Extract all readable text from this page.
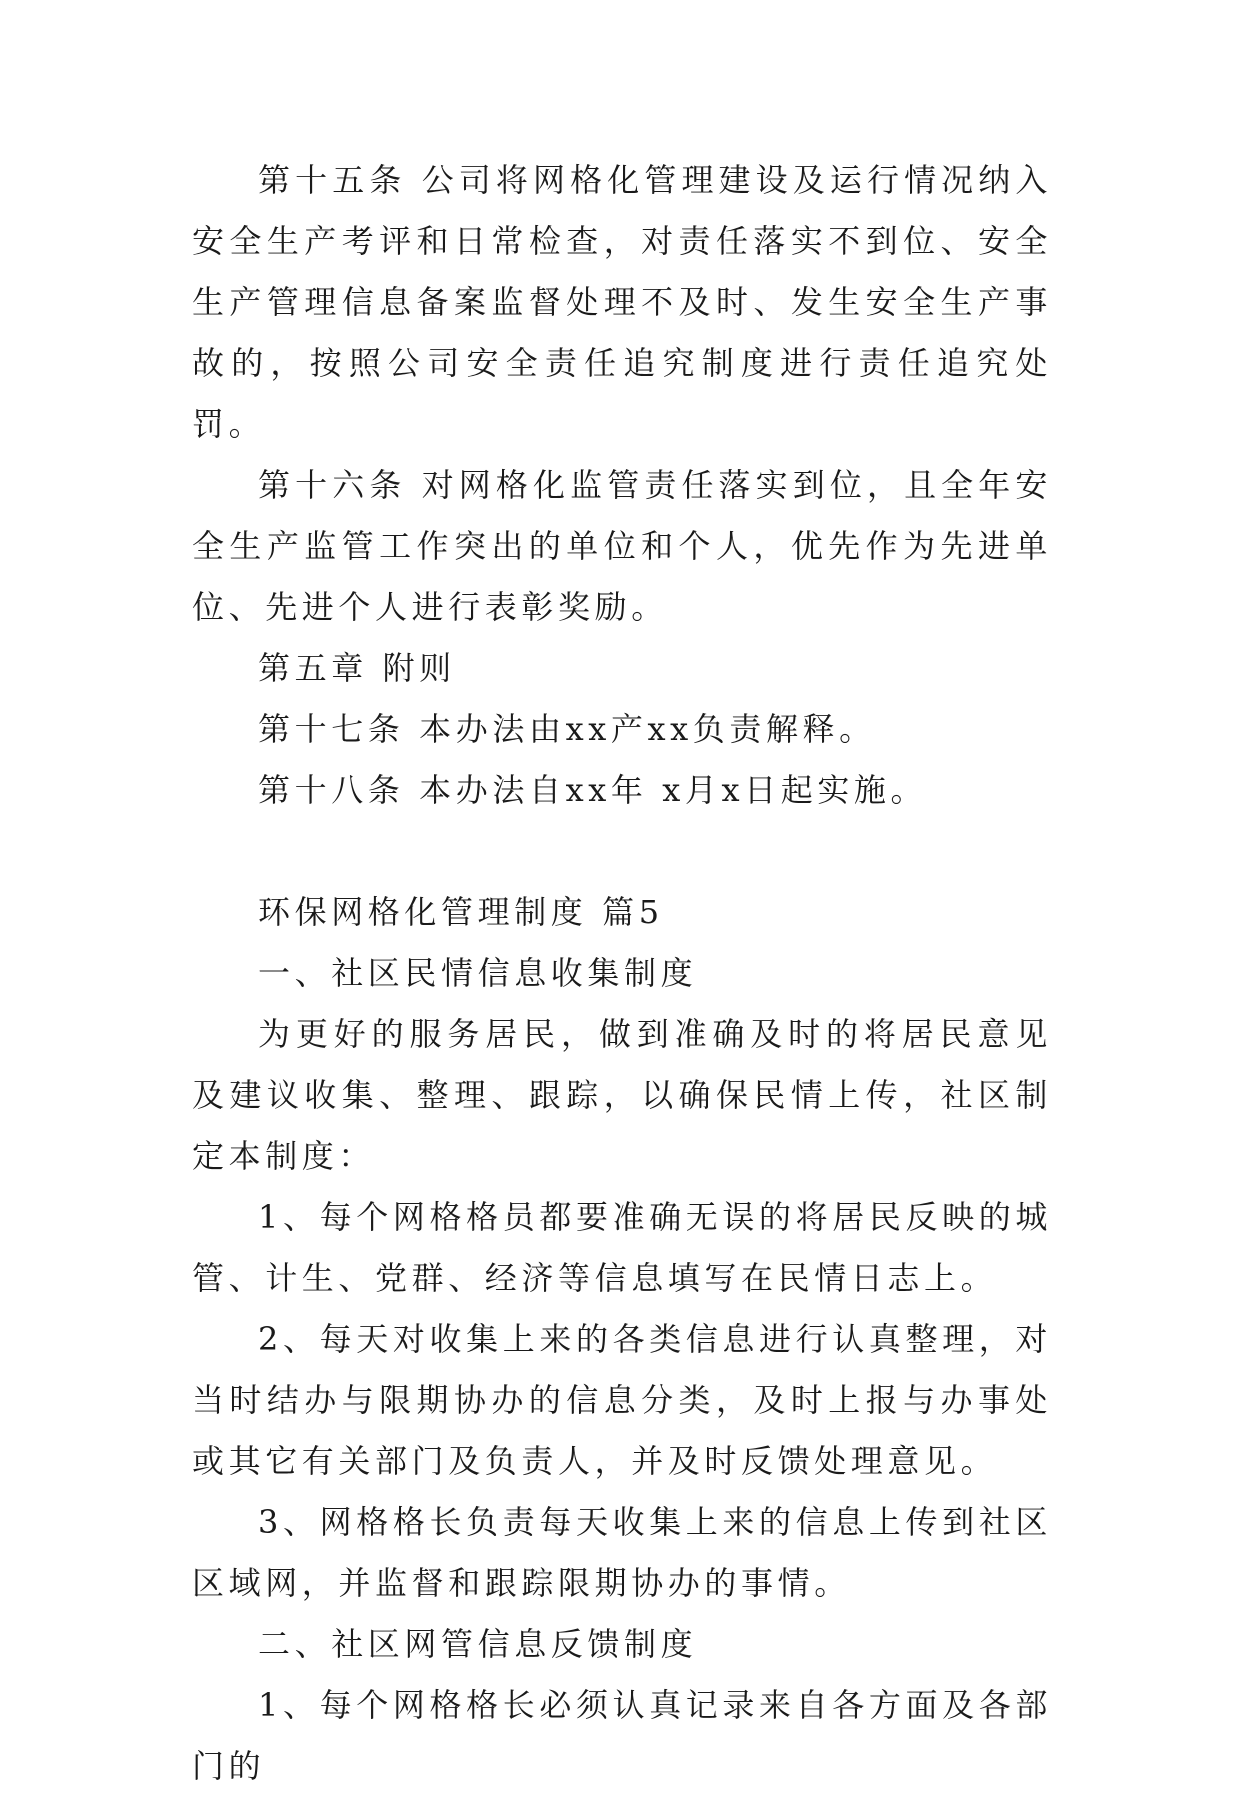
第十五条 公司将网格化管理建设及运行情况纳入安全生产考评和日常检查，对责任落实不到位、安全生产管理信息备案监督处理不及时、发生安全生产事故的，按照公司安全责任追究制度进行责任追究处罚。

第十六条 对网格化监管责任落实到位，且全年安全生产监管工作突出的单位和个人，优先作为先进单位、先进个人进行表彰奖励。

第五章 附则

第十七条 本办法由xx产xx负责解释。

第十八条 本办法自xx年 x月x日起实施。

环保网格化管理制度 篇5

一、社区民情信息收集制度

为更好的服务居民，做到准确及时的将居民意见及建议收集、整理、跟踪，以确保民情上传，社区制定本制度：

1、每个网格格员都要准确无误的将居民反映的城管、计生、党群、经济等信息填写在民情日志上。

2、每天对收集上来的各类信息进行认真整理，对当时结办与限期协办的信息分类，及时上报与办事处或其它有关部门及负责人，并及时反馈处理意见。

3、网格格长负责每天收集上来的信息上传到社区区域网，并监督和跟踪限期协办的事情。

二、社区网管信息反馈制度

1、每个网格格长必须认真记录来自各方面及各部门的
